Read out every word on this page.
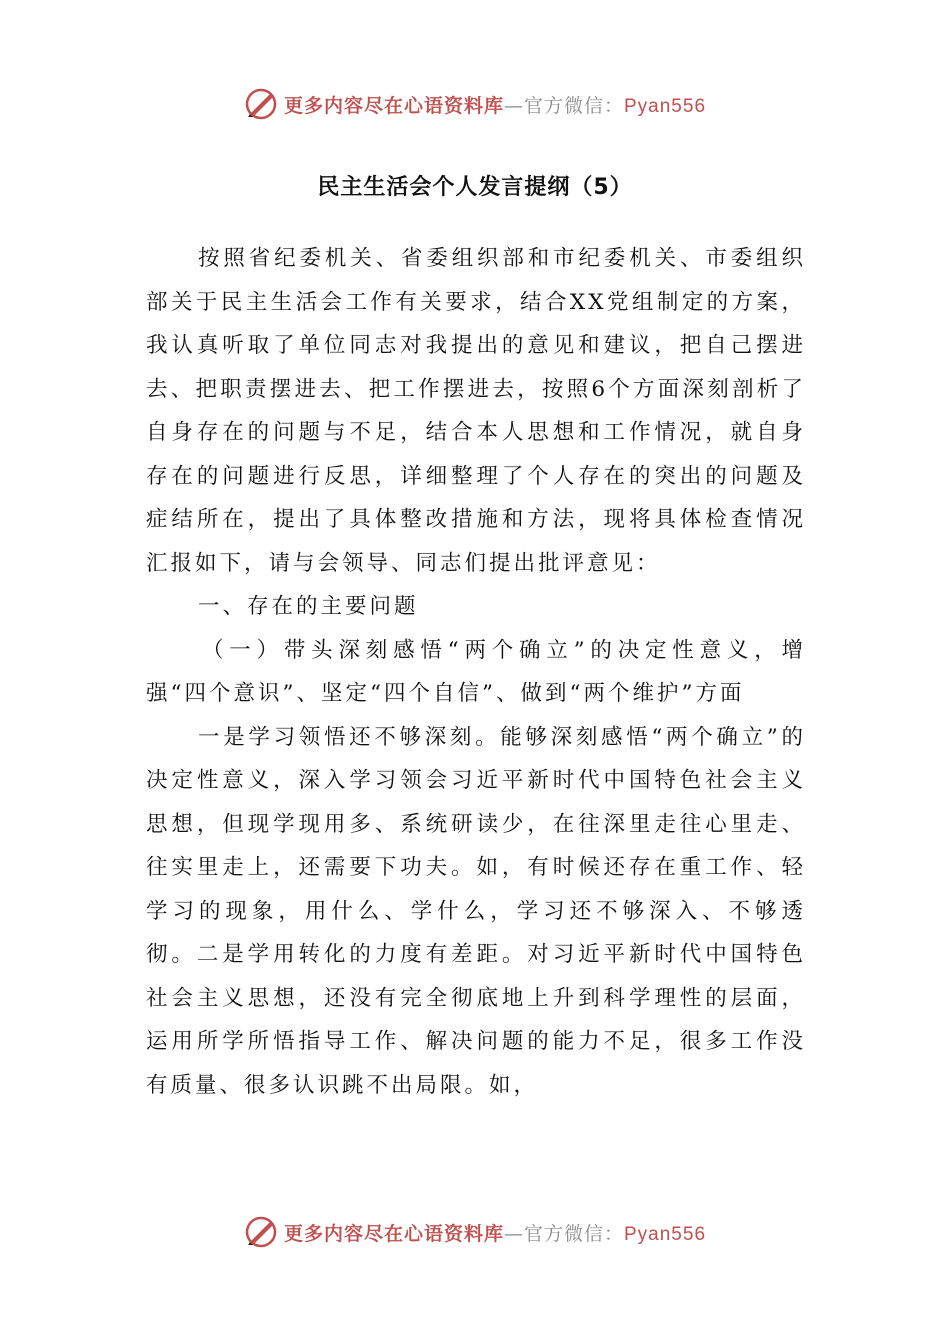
更多内容尽在心语资料库—官方微信：Pyan556
民主生活会个人发言提纲（5）

按照省纪委机关、省委组织部和市纪委机关、市委组织部关于民主生活会工作有关要求，结合XX党组制定的方案，我认真听取了单位同志对我提出的意见和建议，把自己摆进去、把职责摆进去、把工作摆进去，按照6个方面深刻剖析了自身存在的问题与不足，结合本人思想和工作情况，就自身存在的问题进行反思，详细整理了个人存在的突出的问题及症结所在，提出了具体整改措施和方法，现将具体检查情况汇报如下，请与会领导、同志们提出批评意见：

一、存在的主要问题

（一）带头深刻感悟“两个确立”的决定性意义，增强“四个意识”、坚定“四个自信”、做到“两个维护”方面

一是学习领悟还不够深刻。能够深刻感悟“两个确立”的决定性意义，深入学习领会习近平新时代中国特色社会主义思想，但现学现用多、系统研读少，在往深里走往心里走、往实里走上，还需要下功夫。如，有时候还存在重工作、轻学习的现象，用什么、学什么，学习还不够深入、不够透彻。二是学用转化的力度有差距。对习近平新时代中国特色社会主义思想，还没有完全彻底地上升到科学理性的层面，运用所学所悟指导工作、解决问题的能力不足，很多工作没有质量、很多认识跳不出局限。如，

更多内容尽在心语资料库—官方微信：Pyan556
